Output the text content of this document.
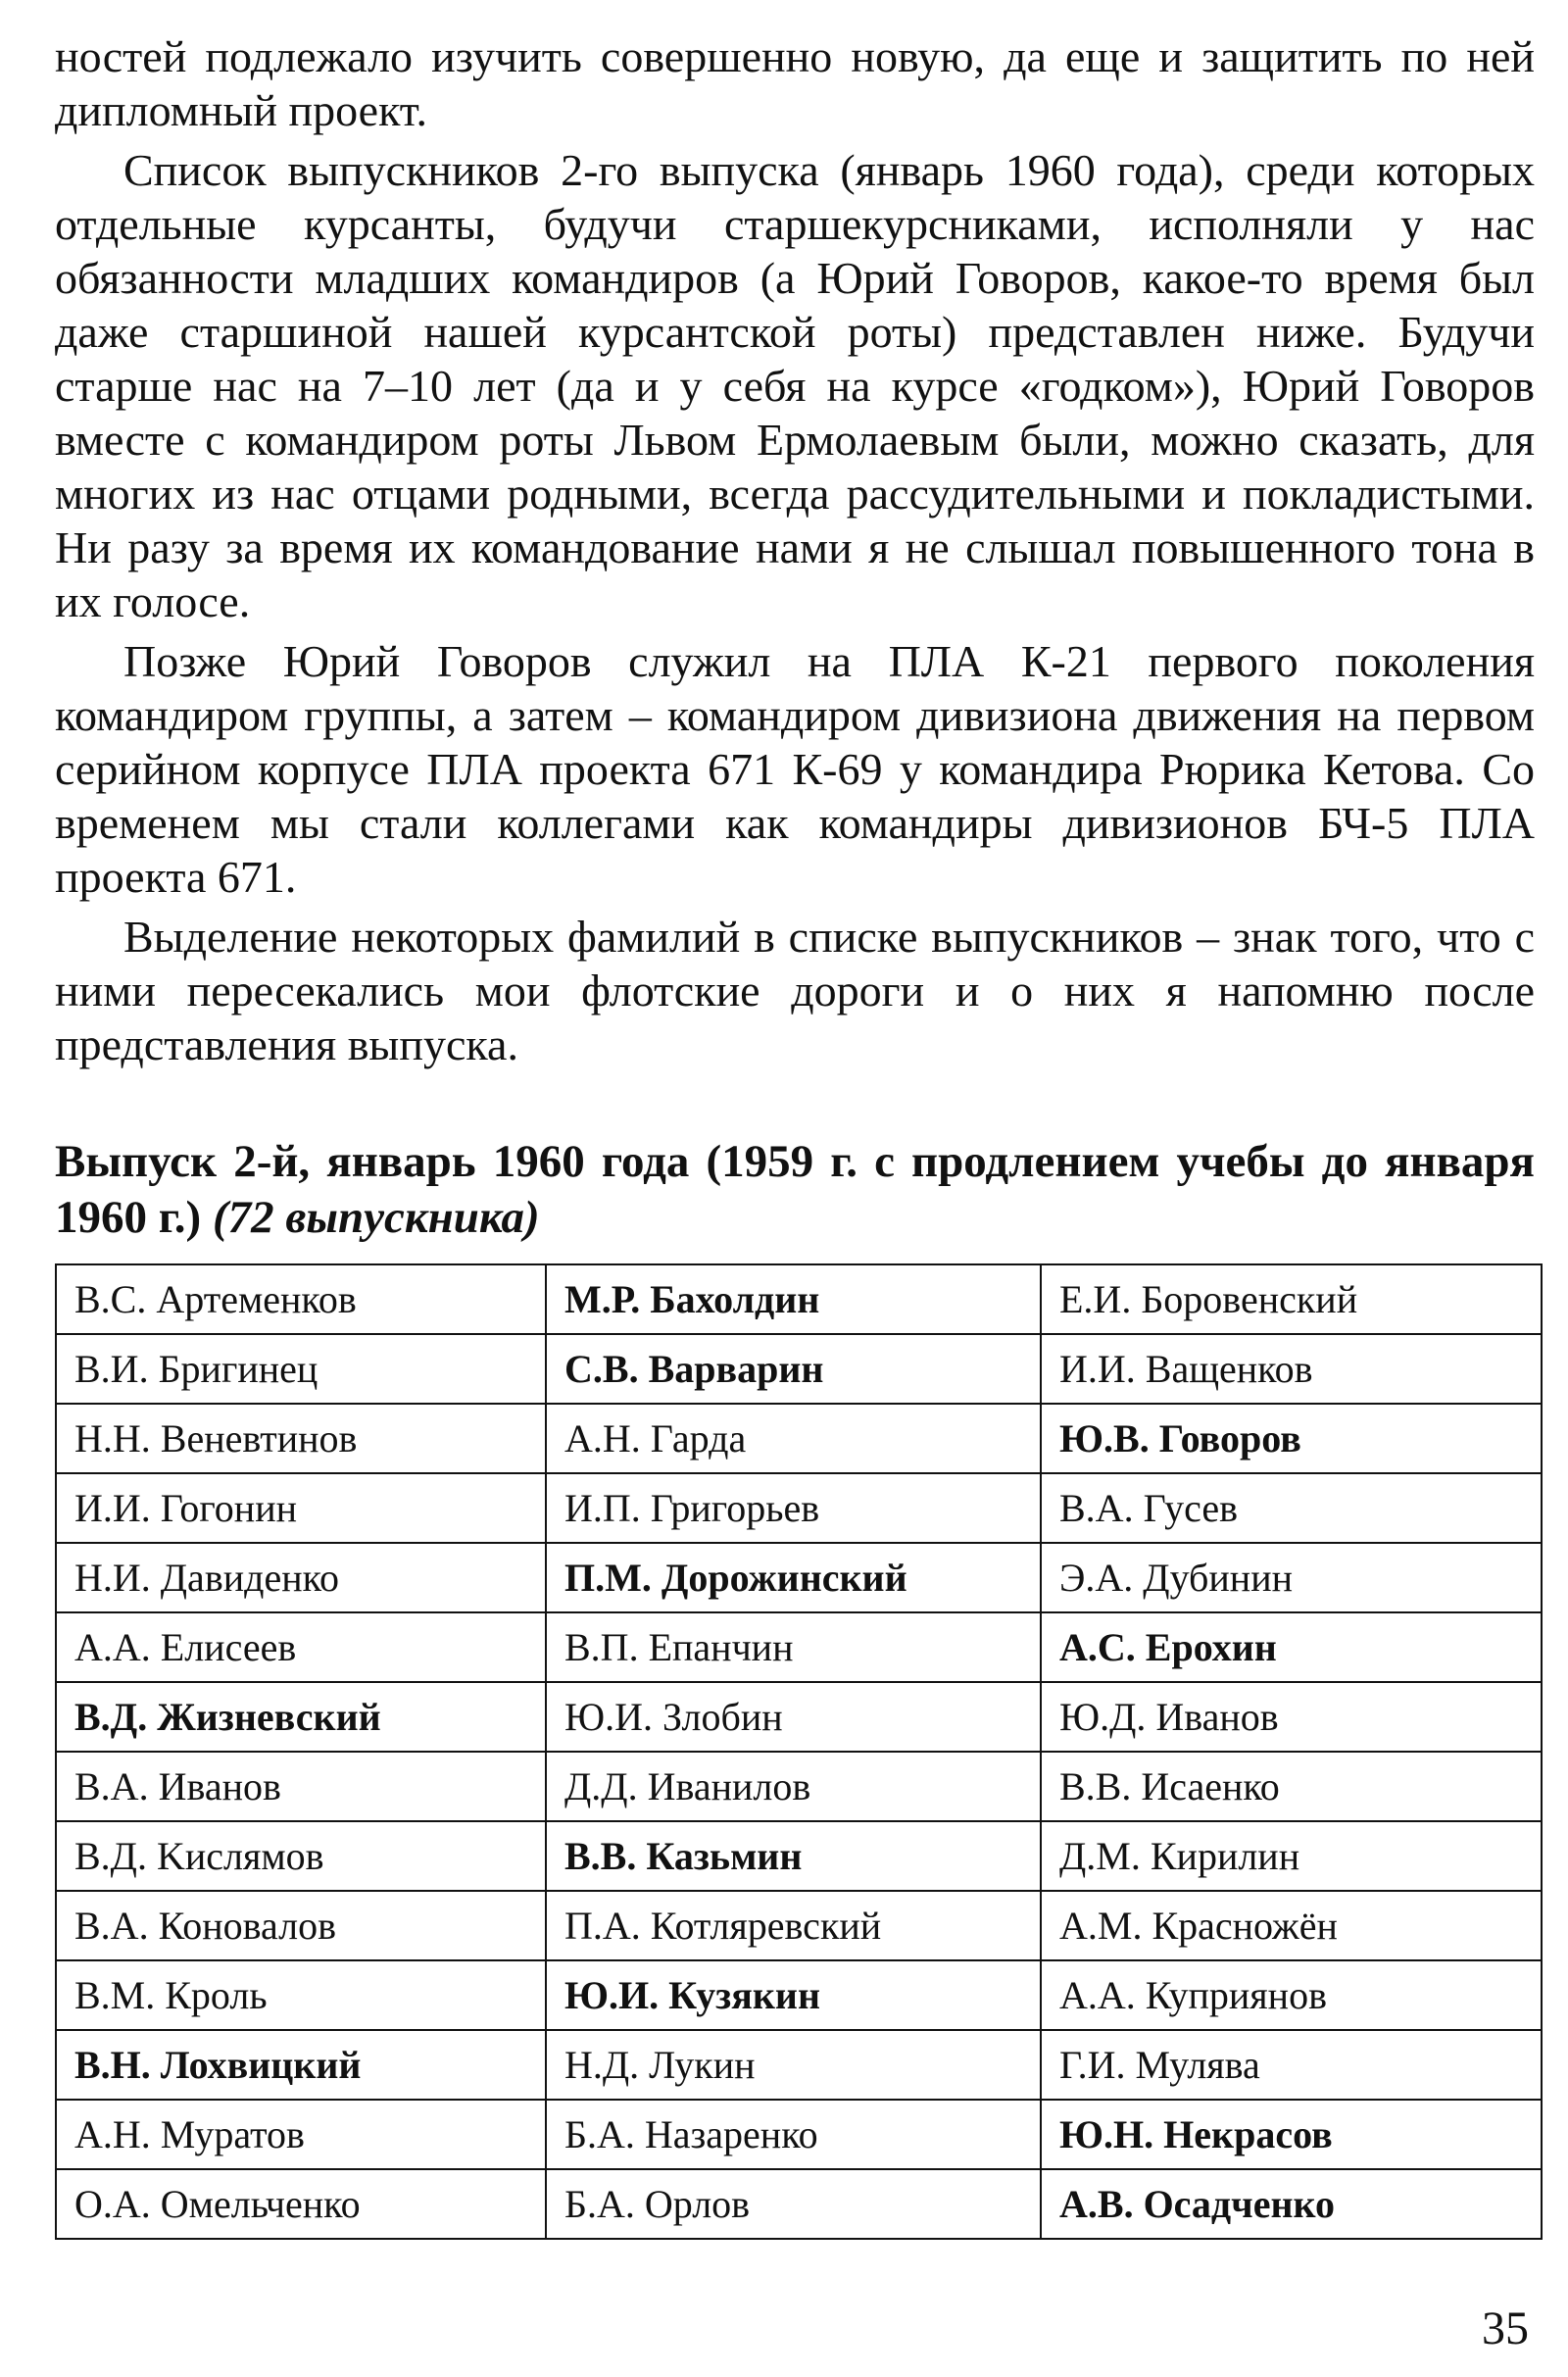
ностей подлежало изучить совершенно новую, да еще и защитить по ней дипломный проект.

Список выпускников 2-го выпуска (январь 1960 года), среди которых отдельные курсанты, будучи старшекурсниками, исполняли у нас обязанности младших командиров (а Юрий Говоров, какое-то время был даже старшиной нашей курсантской роты) представлен ниже. Будучи старше нас на 7–10 лет (да и у себя на курсе «годком»), Юрий Говоров вместе с командиром роты Львом Ермолаевым были, можно сказать, для многих из нас отцами родными, всегда рассудительными и покладистыми. Ни разу за время их командование нами я не слышал повышенного тона в их голосе.

Позже Юрий Говоров служил на ПЛА К-21 первого поколения командиром группы, а затем – командиром дивизиона движения на первом серийном корпусе ПЛА проекта 671 К-69 у командира Рюрика Кетова. Со временем мы стали коллегами как командиры дивизионов БЧ-5 ПЛА проекта 671.

Выделение некоторых фамилий в списке выпускников – знак того, что с ними пересекались мои флотские дороги и о них я напомню после представления выпуска.

Выпуск 2-й, январь 1960 года (1959 г. с продлением учебы до января 1960 г.) (72 выпускника)
В.С. Артеменков	М.Р. Бахолдин	Е.И. Боровенский
В.И. Бригинец	С.В. Варварин	И.И. Ващенков
Н.Н. Веневтинов	А.Н. Гарда	Ю.В. Говоров
И.И. Гогонин	И.П. Григорьев	В.А. Гусев
Н.И. Давиденко	П.М. Дорожинский	Э.А. Дубинин
А.А. Елисеев	В.П. Епанчин	А.С. Ерохин
В.Д. Жизневский	Ю.И. Злобин	Ю.Д. Иванов
В.А. Иванов	Д.Д. Иванилов	В.В. Исаенко
В.Д. Kислямов	В.В. Казьмин	Д.М. Кирилин
В.А. Коновалов	П.А. Котляревский	А.М. Красножён
В.М. Кроль	Ю.И. Кузякин	А.А. Куприянов
В.Н. Лохвицкий	Н.Д. Лукин	Г.И. Мулява
А.Н. Муратов	Б.А. Назаренко	Ю.Н. Некрасов
О.А. Омельченко	Б.А. Орлов	А.В. Осадченко
35
